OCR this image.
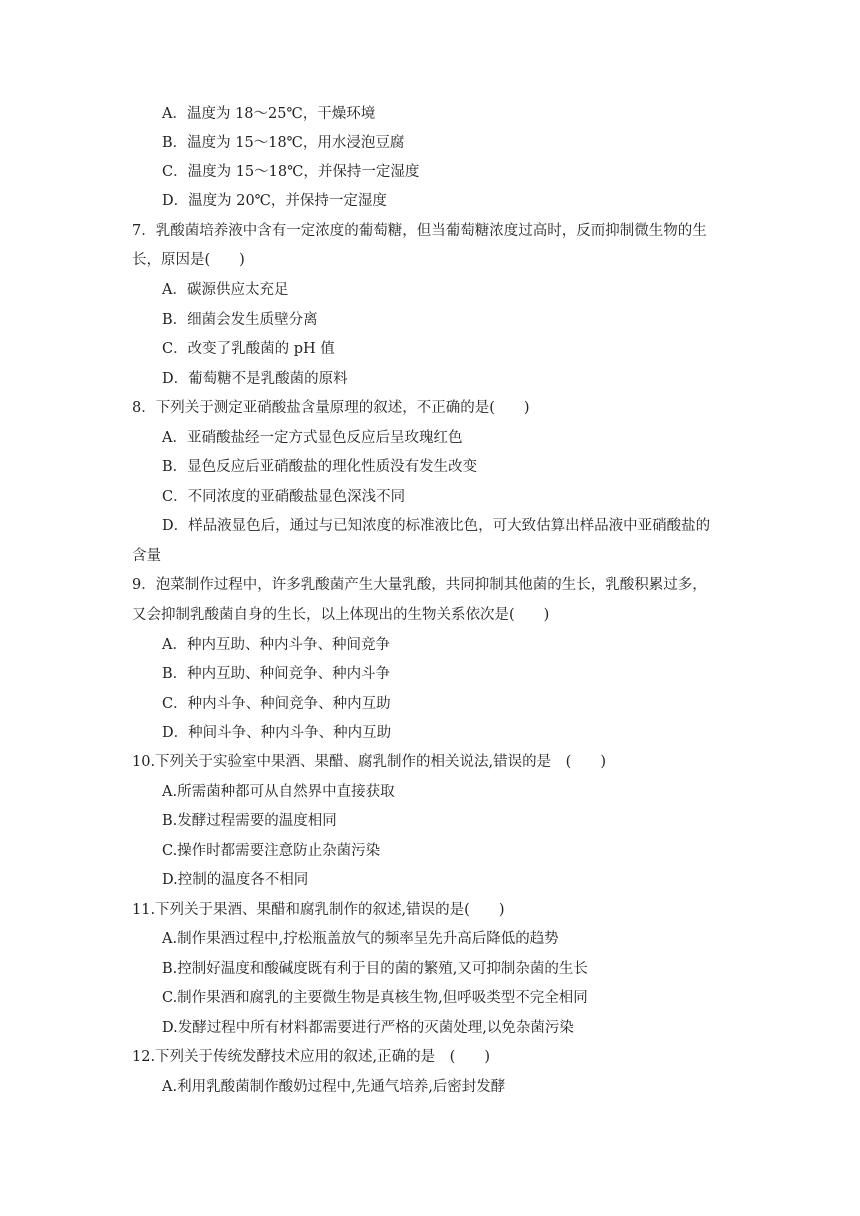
A．温度为 18～25℃，干燥环境
B．温度为 15～18℃，用水浸泡豆腐
C．温度为 15～18℃，并保持一定湿度
D．温度为 20℃，并保持一定湿度
7．乳酸菌培养液中含有一定浓度的葡萄糖，但当葡萄糖浓度过高时，反而抑制微生物的生
长，原因是(　　)
A．碳源供应太充足
B．细菌会发生质壁分离
C．改变了乳酸菌的 pH 值
D．葡萄糖不是乳酸菌的原料
8．下列关于测定亚硝酸盐含量原理的叙述，不正确的是(　　)
A．亚硝酸盐经一定方式显色反应后呈玫瑰红色
B．显色反应后亚硝酸盐的理化性质没有发生改变
C．不同浓度的亚硝酸盐显色深浅不同
D．样品液显色后，通过与已知浓度的标准液比色，可大致估算出样品液中亚硝酸盐的
含量
9．泡菜制作过程中，许多乳酸菌产生大量乳酸，共同抑制其他菌的生长，乳酸积累过多，
又会抑制乳酸菌自身的生长，以上体现出的生物关系依次是(　　)
A．种内互助、种内斗争、种间竞争
B．种内互助、种间竞争、种内斗争
C．种内斗争、种间竞争、种内互助
D．种间斗争、种内斗争、种内互助
10.下列关于实验室中果酒、果醋、腐乳制作的相关说法,错误的是　(　　)
A.所需菌种都可从自然界中直接获取
B.发酵过程需要的温度相同
C.操作时都需要注意防止杂菌污染
D.控制的温度各不相同
11.下列关于果酒、果醋和腐乳制作的叙述,错误的是(　　)
A.制作果酒过程中,拧松瓶盖放气的频率呈先升高后降低的趋势
B.控制好温度和酸碱度既有利于目的菌的繁殖,又可抑制杂菌的生长
C.制作果酒和腐乳的主要微生物是真核生物,但呼吸类型不完全相同
D.发酵过程中所有材料都需要进行严格的灭菌处理,以免杂菌污染
12.下列关于传统发酵技术应用的叙述,正确的是　(　　)
A.利用乳酸菌制作酸奶过程中,先通气培养,后密封发酵
